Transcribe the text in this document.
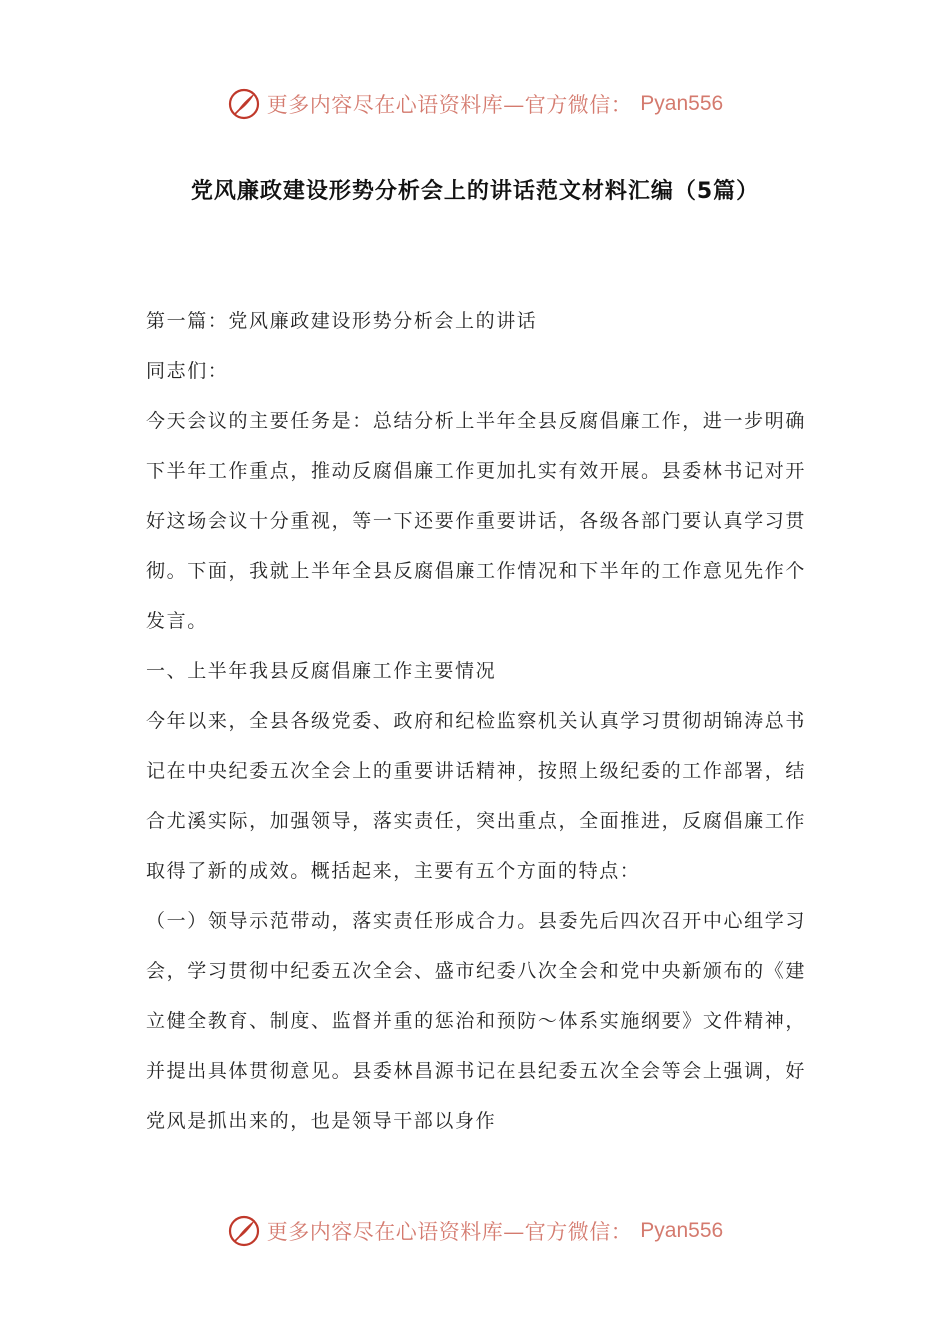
更多内容尽在心语资料库—官方微信： Pyan556
党风廉政建设形势分析会上的讲话范文材料汇编（5篇）

第一篇：党风廉政建设形势分析会上的讲话

同志们：

今天会议的主要任务是：总结分析上半年全县反腐倡廉工作，进一步明确下半年工作重点，推动反腐倡廉工作更加扎实有效开展。县委林书记对开好这场会议十分重视，等一下还要作重要讲话，各级各部门要认真学习贯彻。下面，我就上半年全县反腐倡廉工作情况和下半年的工作意见先作个发言。

一、上半年我县反腐倡廉工作主要情况

今年以来，全县各级党委、政府和纪检监察机关认真学习贯彻胡锦涛总书记在中央纪委五次全会上的重要讲话精神，按照上级纪委的工作部署，结合尤溪实际，加强领导，落实责任，突出重点，全面推进，反腐倡廉工作取得了新的成效。概括起来，主要有五个方面的特点：

（一）领导示范带动，落实责任形成合力。县委先后四次召开中心组学习会，学习贯彻中纪委五次全会、盛市纪委八次全会和党中央新颁布的《建立健全教育、制度、监督并重的惩治和预防～体系实施纲要》文件精神，并提出具体贯彻意见。县委林昌源书记在县纪委五次全会等会上强调，好党风是抓出来的，也是领导干部以身作

更多内容尽在心语资料库—官方微信： Pyan556
